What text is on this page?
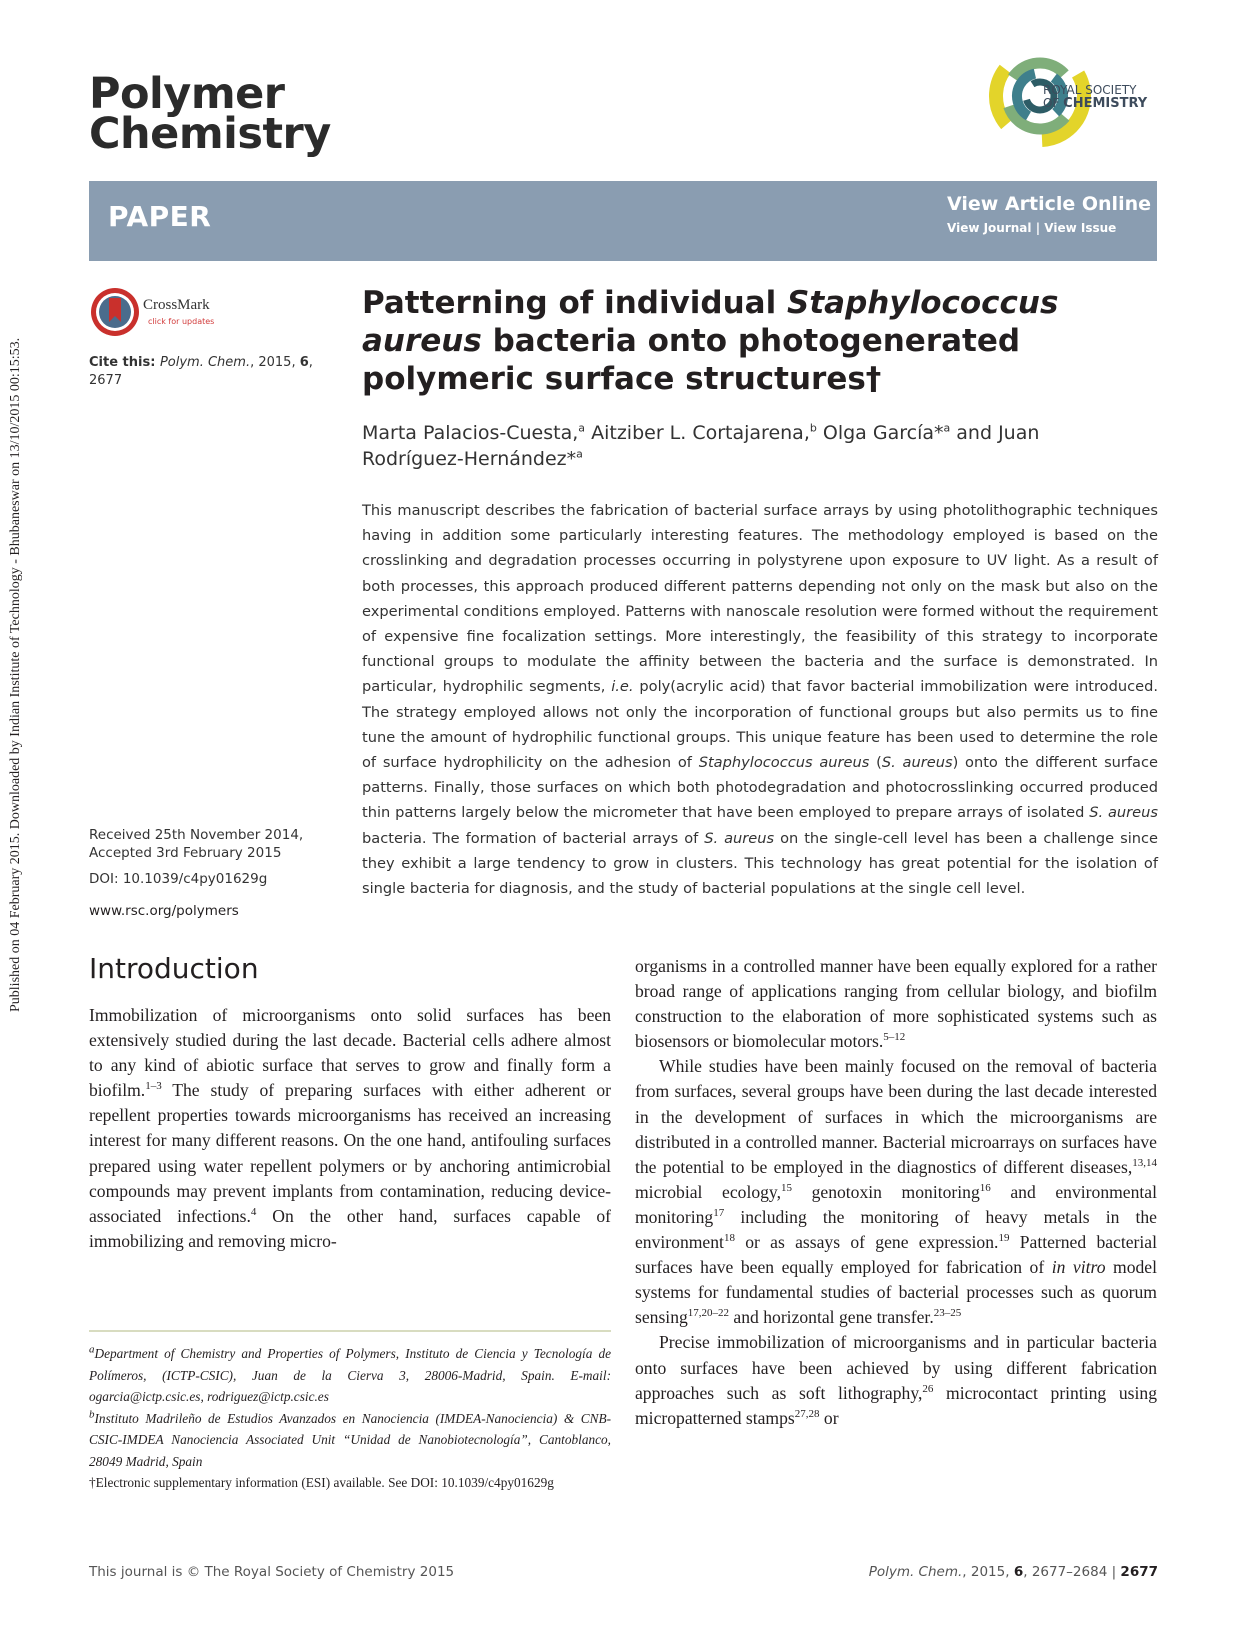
Published on 04 February 2015. Downloaded by Indian Institute of Technology - Bhubaneswar on 13/10/2015 00:15:53.
Polymer
Chemistry
ROYAL SOCIETY
OF CHEMISTRY
PAPER	View Article Online
View Journal | View Issue
CrossMark
click for updates
Cite this: Polym. Chem., 2015, 6,
2677
Patterning of individual Staphylococcus aureus bacteria onto photogenerated polymeric surface structures†
Marta Palacios-Cuesta,$^a$ Aitziber L. Cortajarena,$^b$ Olga García*$^a$ and Juan Rodríguez-Hernández*$^a$
This manuscript describes the fabrication of bacterial surface arrays by using photolithographic techniques having in addition some particularly interesting features. The methodology employed is based on the crosslinking and degradation processes occurring in polystyrene upon exposure to UV light. As a result of both processes, this approach produced different patterns depending not only on the mask but also on the experimental conditions employed. Patterns with nanoscale resolution were formed without the requirement of expensive fine focalization settings. More interestingly, the feasibility of this strategy to incorporate functional groups to modulate the affinity between the bacteria and the surface is demonstrated. In particular, hydrophilic segments, i.e. poly(acrylic acid) that favor bacterial immobilization were introduced. The strategy employed allows not only the incorporation of functional groups but also permits us to fine tune the amount of hydrophilic functional groups. This unique feature has been used to determine the role of surface hydrophilicity on the adhesion of Staphylococcus aureus (S. aureus) onto the different surface patterns. Finally, those surfaces on which both photodegradation and photocrosslinking occurred produced thin patterns largely below the micrometer that have been employed to prepare arrays of isolated S. aureus bacteria. The formation of bacterial arrays of S. aureus on the single-cell level has been a challenge since they exhibit a large tendency to grow in clusters. This technology has great potential for the isolation of single bacteria for diagnosis, and the study of bacterial populations at the single cell level.
Received 25th November 2014,
Accepted 3rd February 2015
DOI: 10.1039/c4py01629g
www.rsc.org/polymers
Introduction

Immobilization of microorganisms onto solid surfaces has been extensively studied during the last decade. Bacterial cells adhere almost to any kind of abiotic surface that serves to grow and finally form a biofilm.$^{1-3}$ The study of preparing surfaces with either adherent or repellent properties towards microorganisms has received an increasing interest for many different reasons. On the one hand, antifouling surfaces prepared using water repellent polymers or by anchoring antimicrobial compounds may prevent implants from contamination, reducing device-associated infections.$^4$ On the other hand, surfaces capable of immobilizing and removing micro-

organisms in a controlled manner have been equally explored for a rather broad range of applications ranging from cellular biology, and biofilm construction to the elaboration of more sophisticated systems such as biosensors or biomolecular motors.$^{5-12}$

While studies have been mainly focused on the removal of bacteria from surfaces, several groups have been during the last decade interested in the development of surfaces in which the microorganisms are distributed in a controlled manner. Bacterial microarrays on surfaces have the potential to be employed in the diagnostics of different diseases,$^{13,14}$ microbial ecology,$^{15}$ genotoxin monitoring$^{16}$ and environmental monitoring$^{17}$ including the monitoring of heavy metals in the environment$^{18}$ or as assays of gene expression.$^{19}$ Patterned bacterial surfaces have been equally employed for fabrication of in vitro model systems for fundamental studies of bacterial processes such as quorum sensing$^{17,20-22}$ and horizontal gene transfer.$^{23-25}$

Precise immobilization of microorganisms and in particular bacteria onto surfaces have been achieved by using different fabrication approaches such as soft lithography,$^{26}$ microcontact printing using micropatterned stamps$^{27,28}$ or

$^a$Department of Chemistry and Properties of Polymers, Instituto de Ciencia y Tecnología de Polímeros, (ICTP-CSIC), Juan de la Cierva 3, 28006-Madrid, Spain. E-mail: ogarcia@ictp.csic.es, rodriguez@ictp.csic.es

$^b$Instituto Madrileño de Estudios Avanzados en Nanociencia (IMDEA-Nanociencia) & CNB-CSIC-IMDEA Nanociencia Associated Unit “Unidad de Nanobiotecnología”, Cantoblanco, 28049 Madrid, Spain

†Electronic supplementary information (ESI) available. See DOI: 10.1039/c4py01629g

This journal is © The Royal Society of Chemistry 2015	Polym. Chem., 2015, 6, 2677–2684 | 2677
